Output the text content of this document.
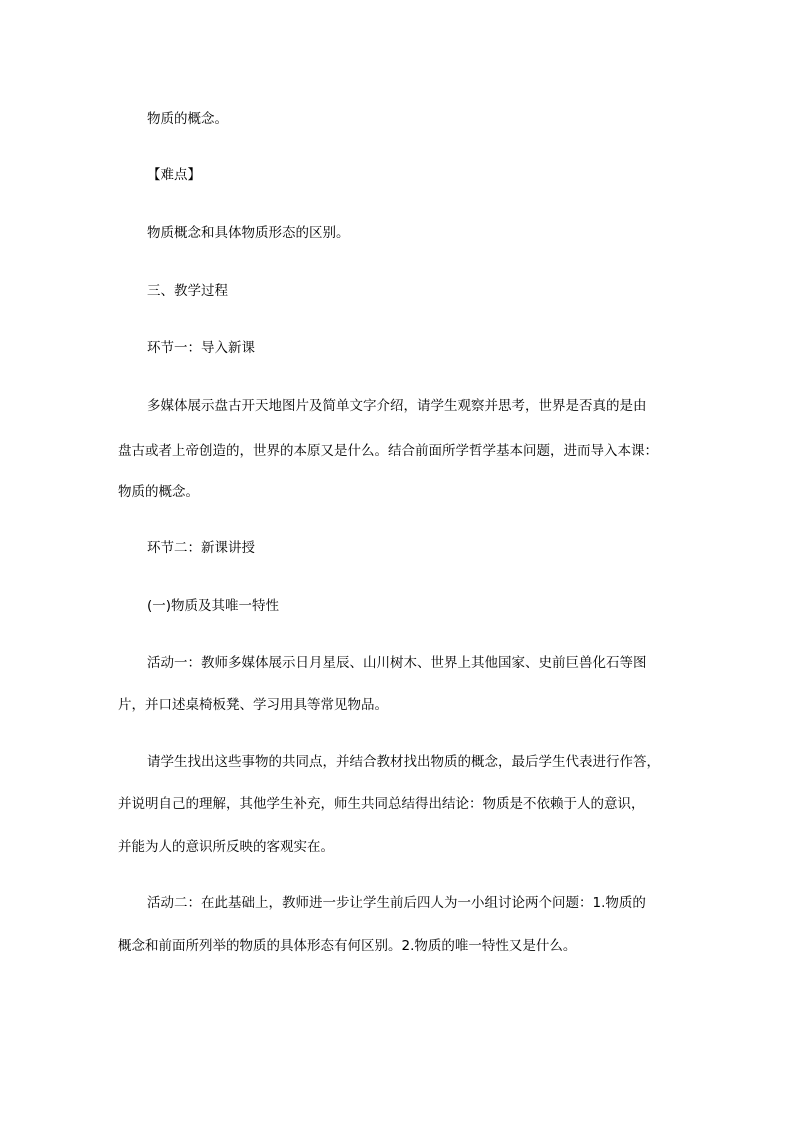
物质的概念。
【难点】
物质概念和具体物质形态的区别。
三、教学过程
环节一：导入新课
多媒体展示盘古开天地图片及简单文字介绍，请学生观察并思考，世界是否真的是由
盘古或者上帝创造的，世界的本原又是什么。结合前面所学哲学基本问题，进而导入本课：
物质的概念。
环节二：新课讲授
(一)物质及其唯一特性
活动一：教师多媒体展示日月星辰、山川树木、世界上其他国家、史前巨兽化石等图
片，并口述桌椅板凳、学习用具等常见物品。
请学生找出这些事物的共同点，并结合教材找出物质的概念，最后学生代表进行作答，
并说明自己的理解，其他学生补充，师生共同总结得出结论：物质是不依赖于人的意识，
并能为人的意识所反映的客观实在。
活动二：在此基础上，教师进一步让学生前后四人为一小组讨论两个问题：1.物质的
概念和前面所列举的物质的具体形态有何区别。2.物质的唯一特性又是什么。
